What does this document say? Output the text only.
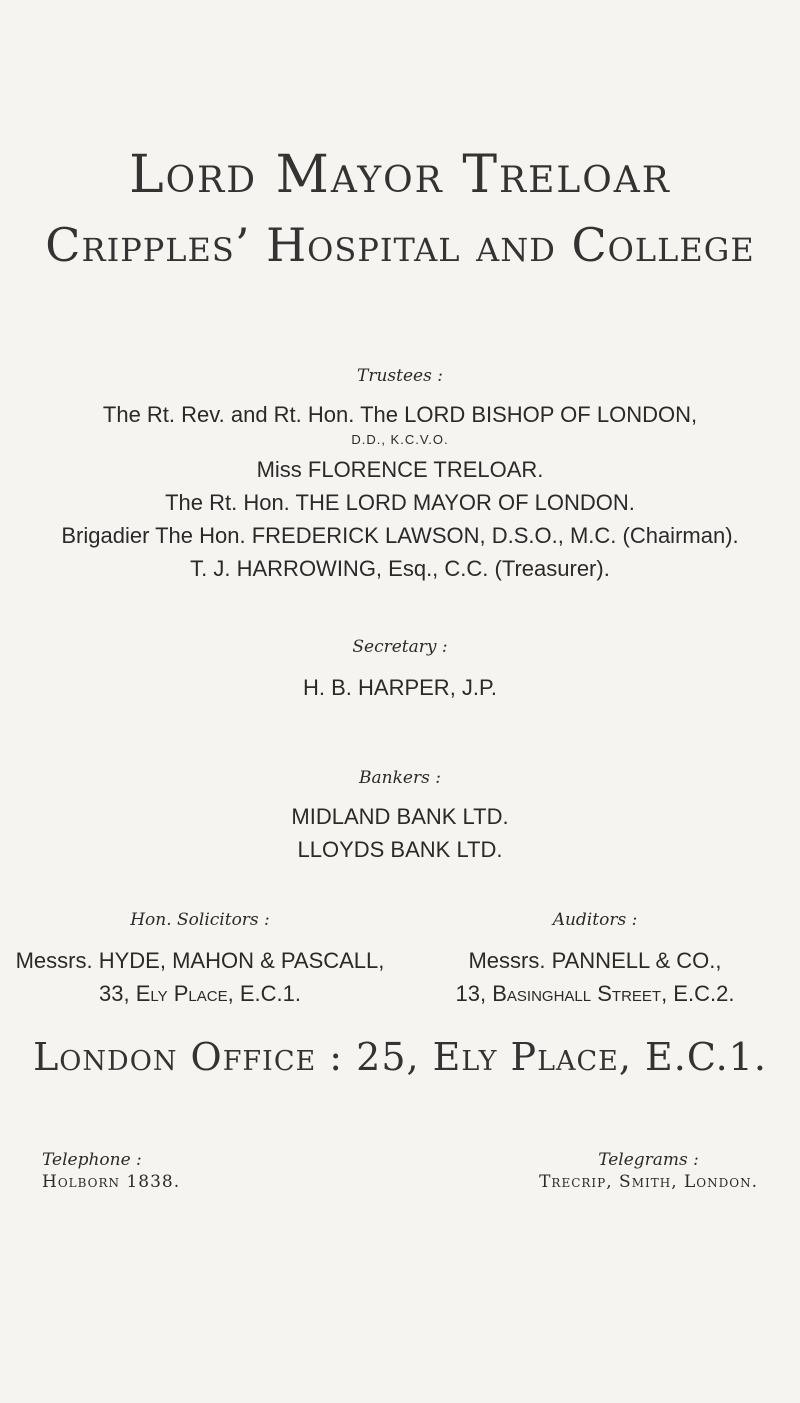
Lord Mayor Treloar
Cripples’ Hospital and College
Trustees :
The Rt. Rev. and Rt. Hon. The LORD BISHOP OF LONDON,
D.D., K.C.V.O.
Miss FLORENCE TRELOAR.
The Rt. Hon. THE LORD MAYOR OF LONDON.
Brigadier The Hon. FREDERICK LAWSON, D.S.O., M.C. (Chairman).
T. J. HARROWING, Esq., C.C. (Treasurer).
Secretary :
H. B. HARPER, J.P.
Bankers :
MIDLAND BANK LTD.
LLOYDS BANK LTD.
Hon. Solicitors :
Messrs. HYDE, MAHON & PASCALL,
33, Ely Place, E.C.1.
Auditors :
Messrs. PANNELL & CO.,
13, Basinghall Street, E.C.2.
London Office : 25, Ely Place, E.C.1.
Telephone :
Holborn 1838.
Telegrams :
Trecrip, Smith, London.
